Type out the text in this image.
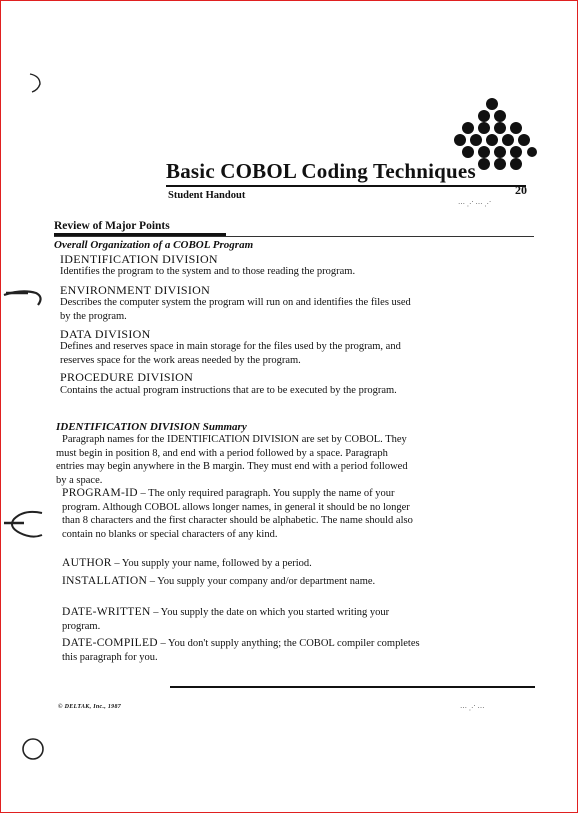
Basic COBOL Coding Techniques
20
Student Handout
Review of Major Points
Overall Organization of a COBOL Program
IDENTIFICATION DIVISION
Identifies the program to the system and to those reading the program.
ENVIRONMENT DIVISION
Describes the computer system the program will run on and identifies the files used by the program.
DATA DIVISION
Defines and reserves space in main storage for the files used by the program, and reserves space for the work areas needed by the program.
PROCEDURE DIVISION
Contains the actual program instructions that are to be executed by the program.
IDENTIFICATION DIVISION Summary
Paragraph names for the IDENTIFICATION DIVISION are set by COBOL. They must begin in position 8, and end with a period followed by a space. Paragraph entries may begin anywhere in the B margin. They must end with a period followed by a space.
PROGRAM-ID – The only required paragraph. You supply the name of your program. Although COBOL allows longer names, in general it should be no longer than 8 characters and the first character should be alphabetic. The name should also contain no blanks or special characters of any kind.
AUTHOR – You supply your name, followed by a period.
INSTALLATION – You supply your company and/or department name.
DATE-WRITTEN – You supply the date on which you started writing your program.
DATE-COMPILED – You don't supply anything; the COBOL compiler completes this paragraph for you.
© DELTAK, Inc., 1987	⋯ ⋰ ⋯
⋯ ⋰ ⋯ ⋰
